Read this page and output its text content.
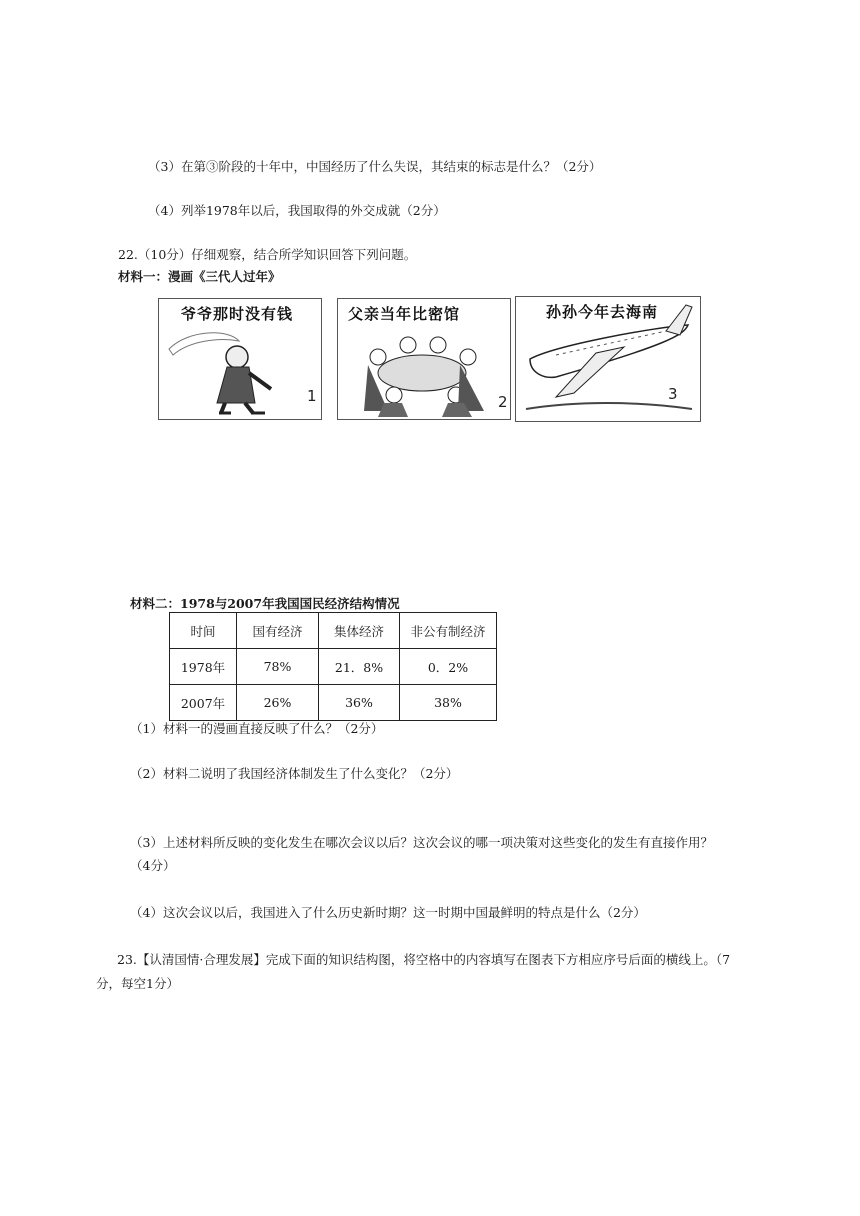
（3）在第③阶段的十年中，中国经历了什么失误，其结束的标志是什么？（2分）
（4）列举1978年以后，我国取得的外交成就（2分）
22.（10分）仔细观察，结合所学知识回答下列问题。
材料一：漫画《三代人过年》
爷爷那时没有钱
1
父亲当年比密馆
2
孙孙今年去海南
3
材料二：1978与2007年我国国民经济结构情况
时间	国有经济	集体经济	非公有制经济
1978年	78%	21．8%	0．2%
2007年	26%	36%	38%
（1）材料一的漫画直接反映了什么？（2分）
（2）材料二说明了我国经济体制发生了什么变化？（2分）
（3）上述材料所反映的变化发生在哪次会议以后？这次会议的哪一项决策对这些变化的发生有直接作用？
（4分）
（4）这次会议以后，我国进入了什么历史新时期？这一时期中国最鲜明的特点是什么（2分）
23.【认清国情·合理发展】完成下面的知识结构图，将空格中的内容填写在图表下方相应序号后面的横线上。（7
分，每空1分）
